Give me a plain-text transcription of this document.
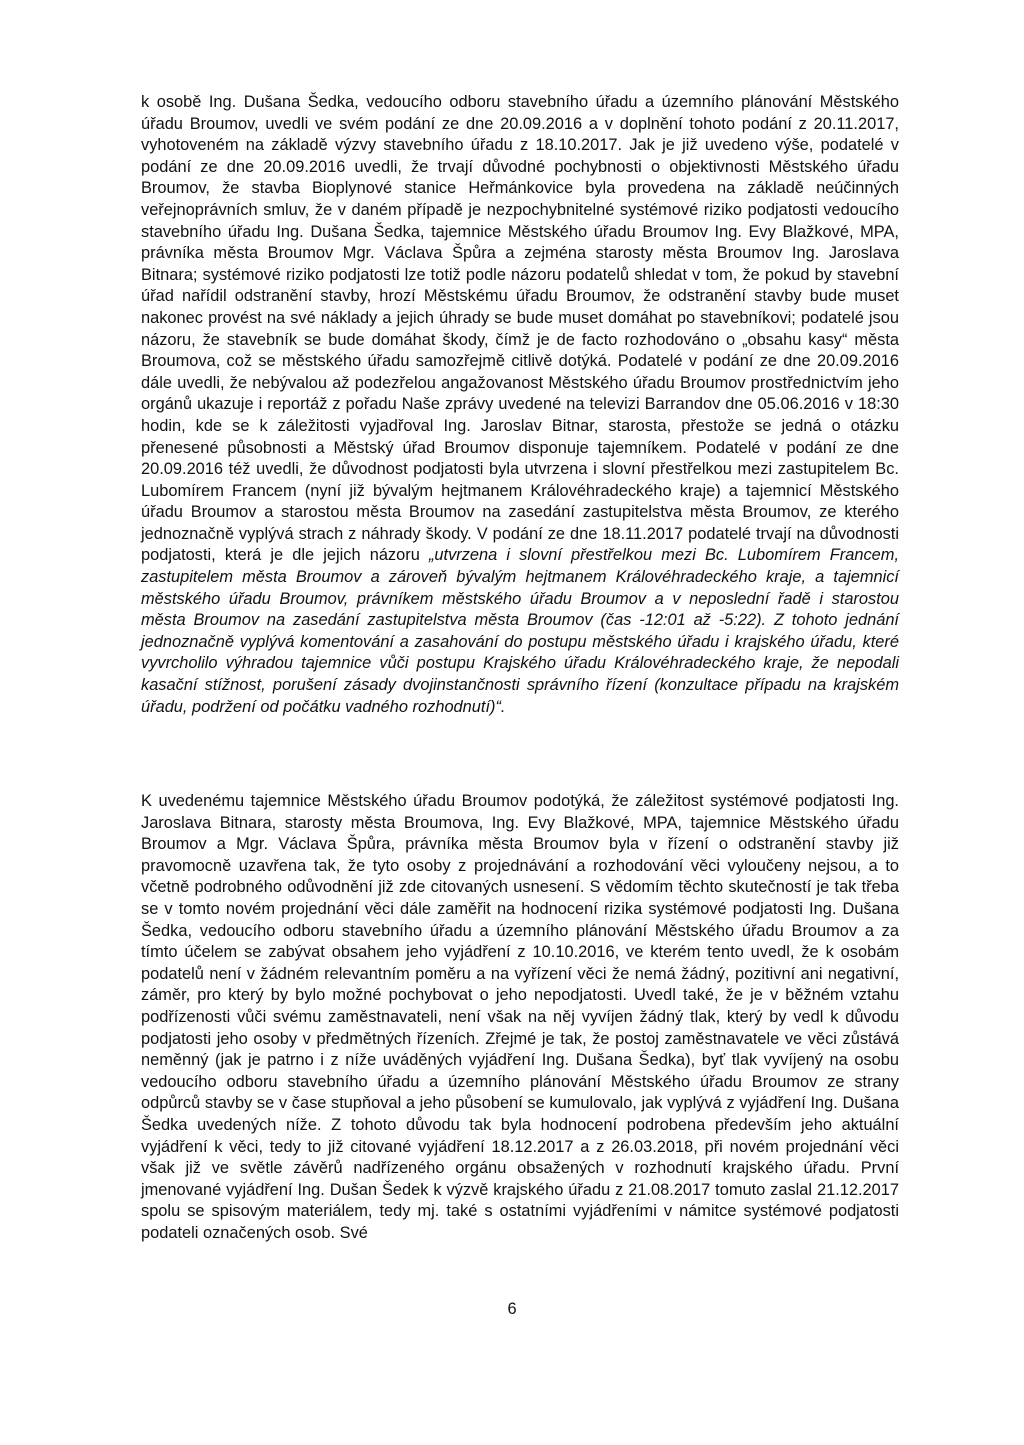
k osobě Ing. Dušana Šedka, vedoucího odboru stavebního úřadu a územního plánování Městského úřadu Broumov, uvedli ve svém podání ze dne 20.09.2016 a v doplnění tohoto podání z 20.11.2017, vyhotoveném na základě výzvy stavebního úřadu z 18.10.2017. Jak je již uvedeno výše, podatelé v podání ze dne 20.09.2016 uvedli, že trvají důvodné pochybnosti o objektivnosti Městského úřadu Broumov, že stavba Bioplynové stanice Heřmánkovice byla provedena na základě neúčinných veřejnoprávních smluv, že v daném případě je nezpochybnitelné systémové riziko podjatosti vedoucího stavebního úřadu Ing. Dušana Šedka, tajemnice Městského úřadu Broumov Ing. Evy Blažkové, MPA, právníka města Broumov Mgr. Václava Špůra a zejména starosty města Broumov Ing. Jaroslava Bitnara; systémové riziko podjatosti lze totiž podle názoru podatelů shledat v tom, že pokud by stavební úřad nařídil odstranění stavby, hrozí Městskému úřadu Broumov, že odstranění stavby bude muset nakonec provést na své náklady a jejich úhrady se bude muset domáhat po stavebníkovi; podatelé jsou názoru, že stavebník se bude domáhat škody, čímž je de facto rozhodováno o „obsahu kasy“ města Broumova, což se městského úřadu samozřejmě citlivě dotýká. Podatelé v podání ze dne 20.09.2016 dále uvedli, že nebývalou až podezřelou angažovanost Městského úřadu Broumov prostřednictvím jeho orgánů ukazuje i reportáž z pořadu Naše zprávy uvedené na televizi Barrandov dne 05.06.2016 v 18:30 hodin, kde se k záležitosti vyjadřoval Ing. Jaroslav Bitnar, starosta, přestože se jedná o otázku přenesené působnosti a Městský úřad Broumov disponuje tajemníkem. Podatelé v podání ze dne 20.09.2016 též uvedli, že důvodnost podjatosti byla utvrzena i slovní přestřelkou mezi zastupitelem Bc. Lubomírem Francem (nyní již bývalým hejtmanem Královéhradeckého kraje) a tajemnicí Městského úřadu Broumov a starostou města Broumov na zasedání zastupitelstva města Broumov, ze kterého jednoznačně vyplývá strach z náhrady škody. V podání ze dne 18.11.2017 podatelé trvají na důvodnosti podjatosti, která je dle jejich názoru „utvrzena i slovní přestřelkou mezi Bc. Lubomírem Francem, zastupitelem města Broumov a zároveň bývalým hejtmanem Královéhradeckého kraje, a tajemnicí městského úřadu Broumov, právníkem městského úřadu Broumov a v neposlední řadě i starostou města Broumov na zasedání zastupitelstva města Broumov (čas -12:01 až -5:22). Z tohoto jednání jednoznačně vyplývá komentování a zasahování do postupu městského úřadu i krajského úřadu, které vyvrcholilo výhradou tajemnice vůči postupu Krajského úřadu Královéhradeckého kraje, že nepodali kasační stížnost, porušení zásady dvojinstančnosti správního řízení (konzultace případu na krajském úřadu, podržení od počátku vadného rozhodnutí)“.

K uvedenému tajemnice Městského úřadu Broumov podotýká, že záležitost systémové podjatosti Ing. Jaroslava Bitnara, starosty města Broumova, Ing. Evy Blažkové, MPA, tajemnice Městského úřadu Broumov a Mgr. Václava Špůra, právníka města Broumov byla v řízení o odstranění stavby již pravomocně uzavřena tak, že tyto osoby z projednávání a rozhodování věci vyloučeny nejsou, a to včetně podrobného odůvodnění již zde citovaných usnesení. S vědomím těchto skutečností je tak třeba se v tomto novém projednání věci dále zaměřit na hodnocení rizika systémové podjatosti Ing. Dušana Šedka, vedoucího odboru stavebního úřadu a územního plánování Městského úřadu Broumov a za tímto účelem se zabývat obsahem jeho vyjádření z 10.10.2016, ve kterém tento uvedl, že k osobám podatelů není v žádném relevantním poměru a na vyřízení věci že nemá žádný, pozitivní ani negativní, záměr, pro který by bylo možné pochybovat o jeho nepodjatosti. Uvedl také, že je v běžném vztahu podřízenosti vůči svému zaměstnavateli, není však na něj vyvíjen žádný tlak, který by vedl k důvodu podjatosti jeho osoby v předmětných řízeních. Zřejmé je tak, že postoj zaměstnavatele ve věci zůstává neměnný (jak je patrno i z níže uváděných vyjádření Ing. Dušana Šedka), byť tlak vyvíjený na osobu vedoucího odboru stavebního úřadu a územního plánování Městského úřadu Broumov ze strany odpůrců stavby se v čase stupňoval a jeho působení se kumulovalo, jak vyplývá z vyjádření Ing. Dušana Šedka uvedených níže. Z tohoto důvodu tak byla hodnocení podrobena především jeho aktuální vyjádření k věci, tedy to již citované vyjádření 18.12.2017 a z 26.03.2018, při novém projednání věci však již ve světle závěrů nadřízeného orgánu obsažených v rozhodnutí krajského úřadu. První jmenované vyjádření Ing. Dušan Šedek k výzvě krajského úřadu z 21.08.2017 tomuto zaslal 21.12.2017 spolu se spisovým materiálem, tedy mj. také s ostatními vyjádřeními v námitce systémové podjatosti podateli označených osob. Své

6
